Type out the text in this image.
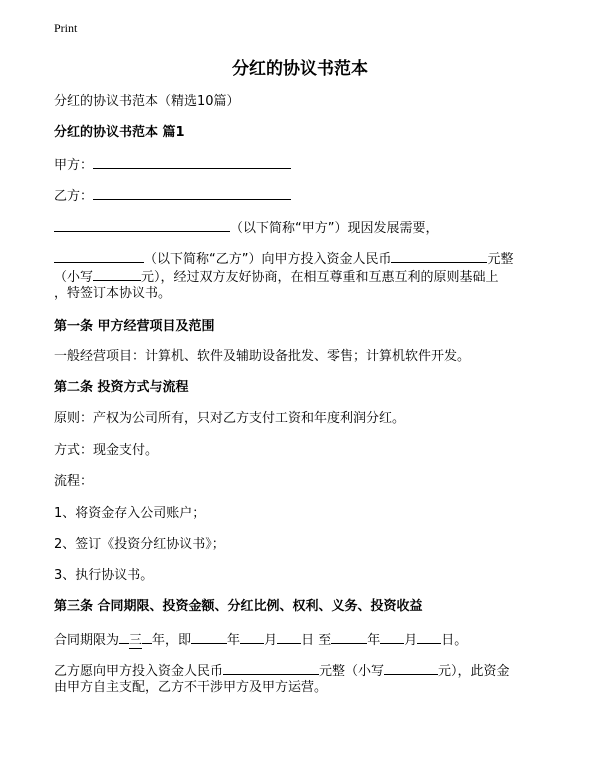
Print
分红的协议书范本
分红的协议书范本（精选10篇）
分红的协议书范本 篇1
甲方：
乙方：
（以下简称“甲方”）现因发展需要，
（以下简称“乙方”）向甲方投入资金人民币	元整
（小写	元），经过双方友好协商，在相互尊重和互惠互利的原则基础上
，特签订本协议书。
第一条 甲方经营项目及范围
一般经营项目：计算机、软件及辅助设备批发、零售；计算机软件开发。
第二条 投资方式与流程
原则：产权为公司所有，只对乙方支付工资和年度利润分红。
方式：现金支付。
流程：
1、将资金存入公司账户；
2、签订《投资分红协议书》；
3、执行协议书。
第三条 合同期限、投资金额、分红比例、权利、义务、投资收益
合同期限为 三 年，即	年 月 日 至	年 月 日。
乙方愿向甲方投入资金人民币	元整（小写	元），此资金
由甲方自主支配，乙方不干涉甲方及甲方运营。
